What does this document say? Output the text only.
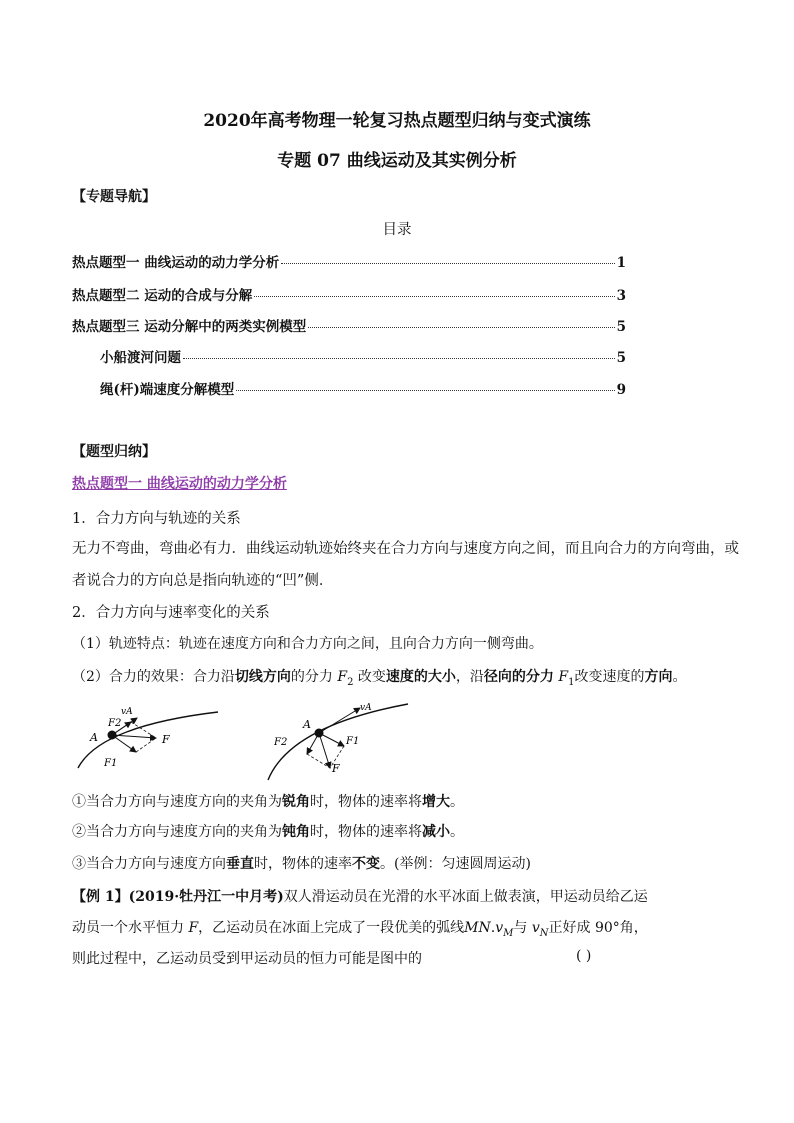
2020年高考物理一轮复习热点题型归纳与变式演练
专题 07 曲线运动及其实例分析
【专题导航】
目录
热点题型一 曲线运动的动力学分析	1
热点题型二 运动的合成与分解	3
热点题型三 运动分解中的两类实例模型	5
小船渡河问题	5
绳(杆)端速度分解模型	9
【题型归纳】
热点题型一 曲线运动的动力学分析
1．合力方向与轨迹的关系
无力不弯曲，弯曲必有力．曲线运动轨迹始终夹在合力方向与速度方向之间，而且向合力的方向弯曲，或
者说合力的方向总是指向轨迹的“凹”侧．
2．合力方向与速率变化的关系
（1）轨迹特点：轨迹在速度方向和合力方向之间，且向合力方向一侧弯曲。
（2）合力的效果：合力沿切线方向的分力 $F_2$ 改变速度的大小，沿径向的分力 $F_1$改变速度的方向。
vA
A
F2
F
F1
vA
A
F2	F1
F
①当合力方向与速度方向的夹角为锐角时，物体的速率将增大。
②当合力方向与速度方向的夹角为钝角时，物体的速率将减小。
③当合力方向与速度方向垂直时，物体的速率不变。(举例：匀速圆周运动)
【例 1】(2019·牡丹江一中月考)双人滑运动员在光滑的水平冰面上做表演，甲运动员给乙运
动员一个水平恒力 F，乙运动员在冰面上完成了一段优美的弧线$MN.v_M$与 $v_N$正好成 90°角，
则此过程中，乙运动员受到甲运动员的恒力可能是图中的	( )
